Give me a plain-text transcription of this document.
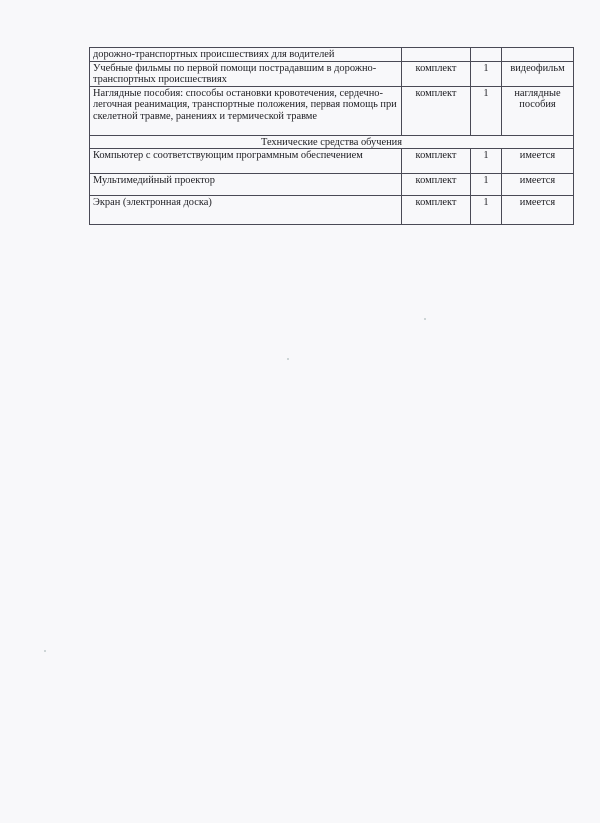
дорожно-транспортных происшествиях для водителей			
Учебные фильмы по первой помощи пострадавшим в дорожно-транспортных происшествиях	комплект	1	видеофильм
Наглядные пособия: способы остановки кровотечения, сердечно-легочная реанимация, транспортные положения, первая помощь при скелетной травме, ранениях и термической травме	комплект	1	наглядные пособия
Технические средства обучения			
Компьютер с соответствующим программным обеспечением	комплект	1	имеется
Мультимедийный проектор	комплект	1	имеется
Экран (электронная доска)	комплект	1	имеется
